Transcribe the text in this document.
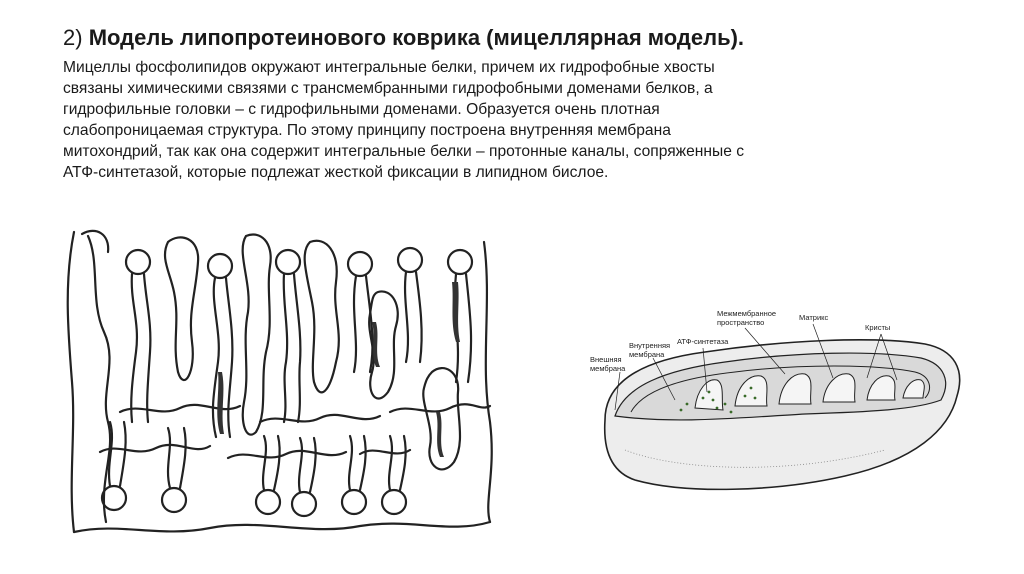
2) Модель липопротеинового коврика (мицеллярная модель).

Мицеллы фосфолипидов окружают интегральные белки, причем их гидрофобные хвосты
связаны химическими связями с трансмембранными гидрофобными доменами белков, а
гидрофильные головки – с гидрофильными доменами. Образуется очень плотная
слабопроницаемая структура. По этому принципу построена внутренняя мембрана
митохондрий, так как она содержит интегральные белки – протонные каналы, сопряженные с
АТФ-синтетазой, которые подлежат жесткой фиксации в липидном бислое.

Внешняя
мембрана
Внутренняя
мембрана
АТФ-синтетаза
Межмембранное
пространство
Матрикс
Кристы
